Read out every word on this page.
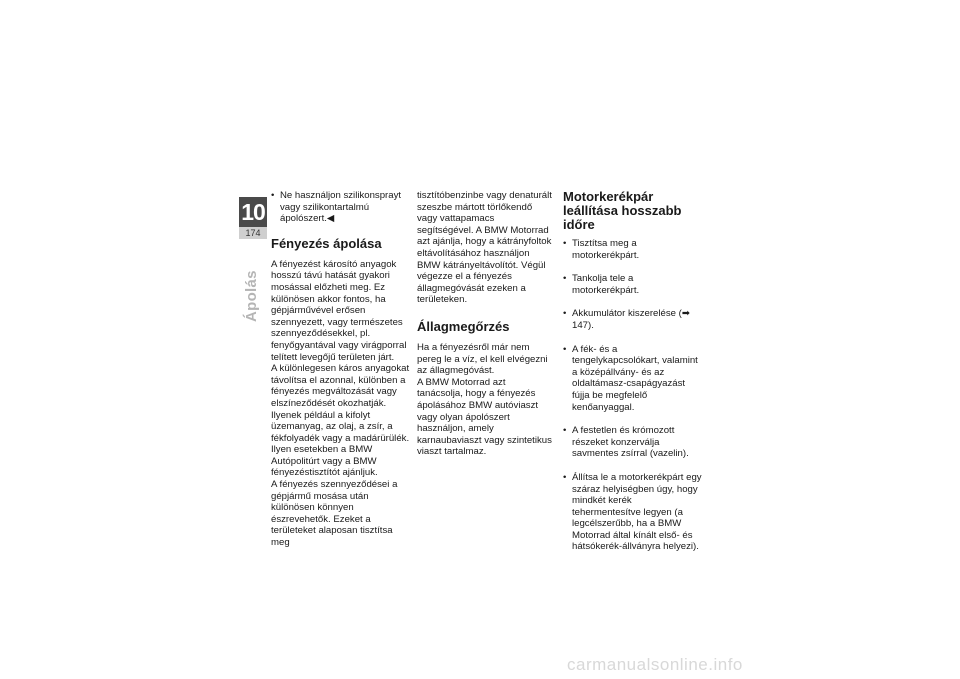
10
174
Ápolás
• Ne használjon szilikonsprayt vagy szilikontartalmú ápolószert.◀
Fényezés ápolása

A fényezést károsító anyagok hosszú távú hatását gyakori mosással előzheti meg. Ez különösen akkor fontos, ha gépjárművével erősen szennyezett, vagy természetes szennyeződésekkel, pl. fenyőgyantával vagy virágporral telített levegőjű területen járt.

A különlegesen káros anyagokat távolítsa el azonnal, különben a fényezés megváltozását vagy elszíneződését okozhatják. Ilyenek például a kifolyt üzemanyag, az olaj, a zsír, a fékfolyadék vagy a madárürülék. Ilyen esetekben a BMW Autópolitúrt vagy a BMW fényezéstisztítót ajánljuk.

A fényezés szennyeződései a gépjármű mosása után különösen könnyen észrevehetők. Ezeket a területeket alaposan tisztítsa meg

tisztítóbenzinbe vagy denaturált szeszbe mártott törlőkendő vagy vattapamacs segítségével. A BMW Motorrad azt ajánlja, hogy a kátrányfoltok eltávolításához használjon BMW kátrányeltávolítót. Végül végezze el a fényezés állagmegóvását ezeken a területeken.

Állagmegőrzés

Ha a fényezésről már nem pereg le a víz, el kell elvégezni az állagmegóvást.

A BMW Motorrad azt tanácsolja, hogy a fényezés ápolásához BMW autóviaszt vagy olyan ápolószert használjon, amely karnaubaviaszt vagy szintetikus viaszt tartalmaz.

Motorkerékpár leállítása hosszabb időre
• Tisztítsa meg a motorkerékpárt.
• Tankolja tele a motorkerékpárt.
• Akkumulátor kiszerelése (➡ 147).
• A fék- és a tengelykapcsolókart, valamint a középállvány- és az oldaltámasz-csapágyazást fújja be megfelelő kenőanyaggal.
• A festetlen és krómozott részeket konzerválja savmentes zsírral (vazelin).
• Állítsa le a motorkerékpárt egy száraz helyiségben úgy, hogy mindkét kerék tehermentesítve legyen (a legcélszerűbb, ha a BMW Motorrad által kínált első- és hátsókerék-állványra helyezi).
carmanualsonline.info
